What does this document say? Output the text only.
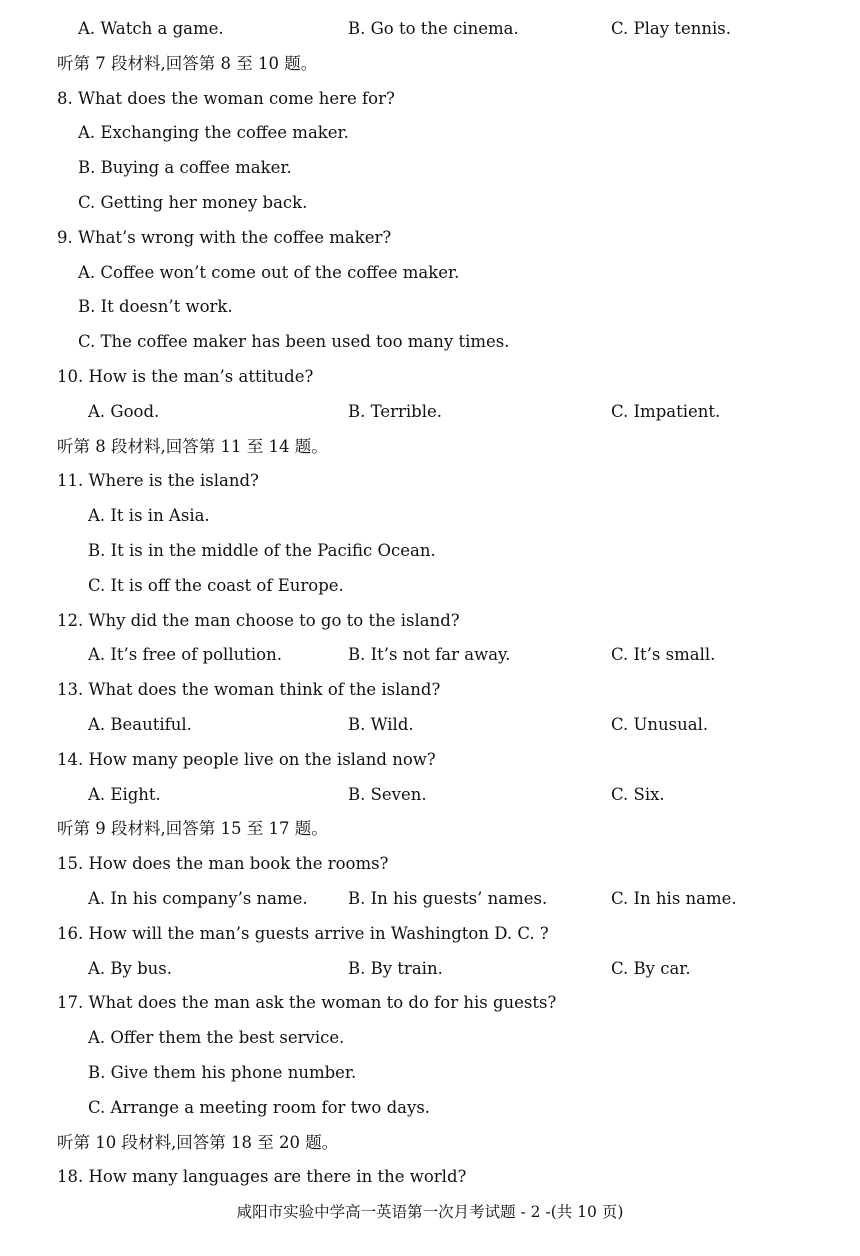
A. Watch a game.	B. Go to the cinema.	C. Play tennis.
听第 7 段材料,回答第 8 至 10 题。
8. What does the woman come here for?
A. Exchanging the coffee maker.
B. Buying a coffee maker.
C. Getting her money back.
9. What’s wrong with the coffee maker?
A. Coffee won’t come out of the coffee maker.
B. It doesn’t work.
C. The coffee maker has been used too many times.
10. How is the man’s attitude?
A. Good.	B. Terrible.	C. Impatient.
听第 8 段材料,回答第 11 至 14 题。
11. Where is the island?
A. It is in Asia.
B. It is in the middle of the Pacific Ocean.
C. It is off the coast of Europe.
12. Why did the man choose to go to the island?
A. It’s free of pollution.	B. It’s not far away.	C. It’s small.
13. What does the woman think of the island?
A. Beautiful.	B. Wild.	C. Unusual.
14. How many people live on the island now?
A. Eight.	B. Seven.	C. Six.
听第 9 段材料,回答第 15 至 17 题。
15. How does the man book the rooms?
A. In his company’s name. B. In his guests’ names.	C. In his name.
16. How will the man’s guests arrive in Washington D. C. ?
A. By bus.	B. By train.	C. By car.
17. What does the man ask the woman to do for his guests?
A. Offer them the best service.
B. Give them his phone number.
C. Arrange a meeting room for two days.
听第 10 段材料,回答第 18 至 20 题。
18. How many languages are there in the world?
咸阳市实验中学高一英语第一次月考试题 - 2 -(共 10 页)
